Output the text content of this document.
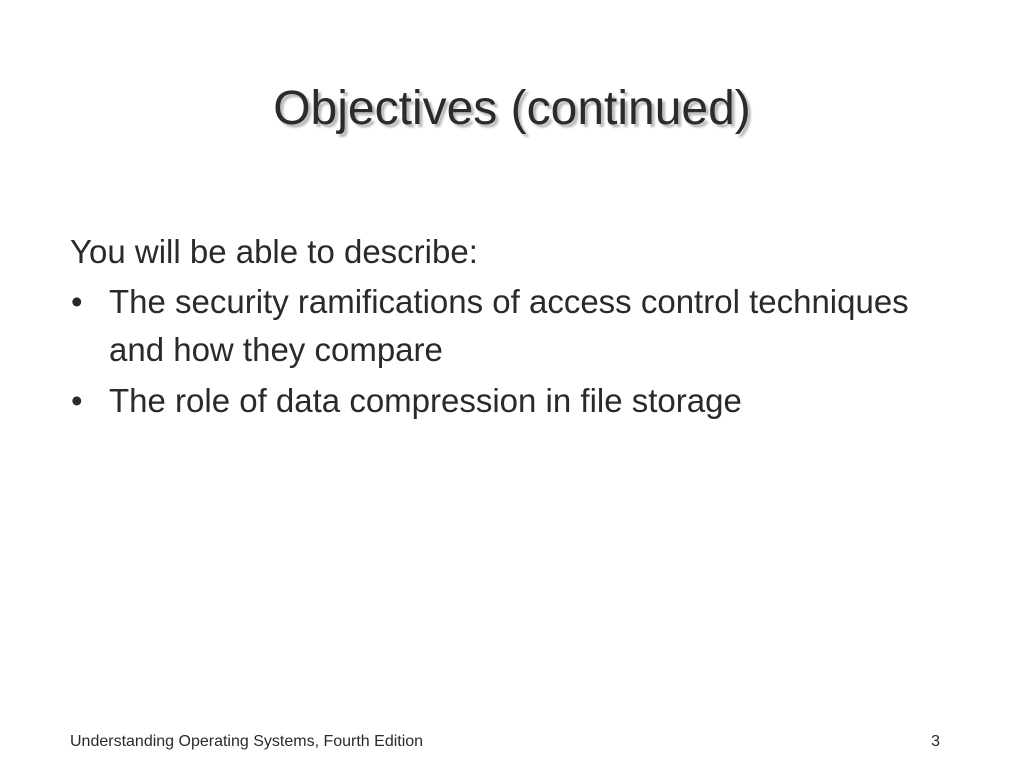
Objectives (continued)

You will be able to describe:

• The security ramifications of access control techniques and how they compare
• The role of data compression in file storage
Understanding Operating Systems, Fourth Edition	3
